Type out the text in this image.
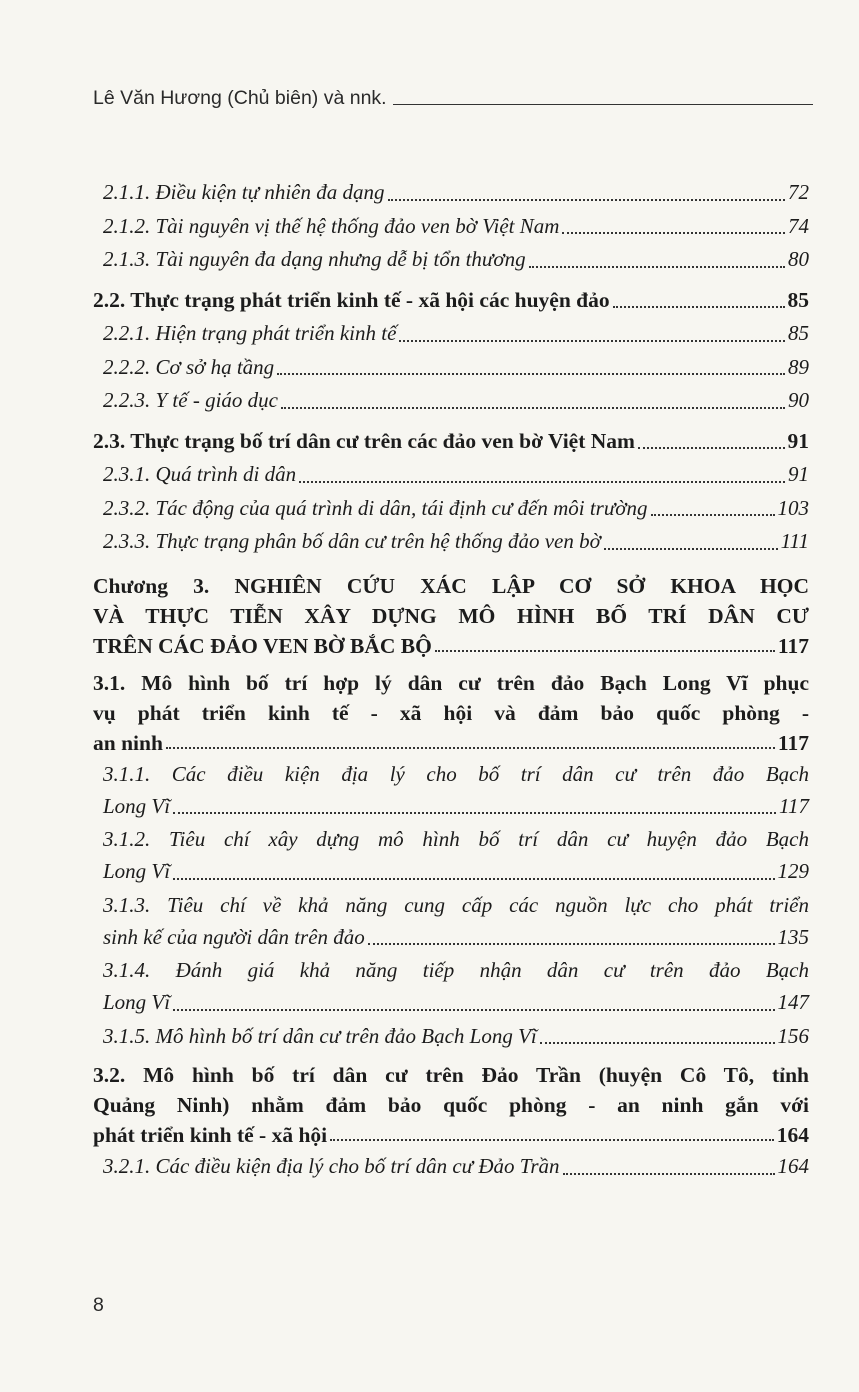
Lê Văn Hương (Chủ biên) và nnk.
2.1.1. Điều kiện tự nhiên đa dạng	72
2.1.2. Tài nguyên vị thế hệ thống đảo ven bờ Việt Nam	74
2.1.3. Tài nguyên đa dạng nhưng dễ bị tổn thương	80
2.2. Thực trạng phát triển kinh tế - xã hội các huyện đảo	85
2.2.1. Hiện trạng phát triển kinh tế	85
2.2.2. Cơ sở hạ tầng	89
2.2.3. Y tế - giáo dục	90
2.3. Thực trạng bố trí dân cư trên các đảo ven bờ Việt Nam	91
2.3.1. Quá trình di dân	91
2.3.2. Tác động của quá trình di dân, tái định cư đến môi trường	103
2.3.3. Thực trạng phân bố dân cư trên hệ thống đảo ven bờ	111
Chương 3. NGHIÊN CỨU XÁC LẬP CƠ SỞ KHOA HỌC
VÀ THỰC TIỄN XÂY DỰNG MÔ HÌNH BỐ TRÍ DÂN CƯ
TRÊN CÁC ĐẢO VEN BỜ BẮC BỘ	117
3.1. Mô hình bố trí hợp lý dân cư trên đảo Bạch Long Vĩ phục
vụ phát triển kinh tế - xã hội và đảm bảo quốc phòng -
an ninh	117
3.1.1. Các điều kiện địa lý cho bố trí dân cư trên đảo Bạch
Long Vĩ	117
3.1.2. Tiêu chí xây dựng mô hình bố trí dân cư huyện đảo Bạch
Long Vĩ	129
3.1.3. Tiêu chí về khả năng cung cấp các nguồn lực cho phát triển
sinh kế của người dân trên đảo	135
3.1.4. Đánh giá khả năng tiếp nhận dân cư trên đảo Bạch
Long Vĩ	147
3.1.5. Mô hình bố trí dân cư trên đảo Bạch Long Vĩ	156
3.2. Mô hình bố trí dân cư trên Đảo Trần (huyện Cô Tô, tỉnh
Quảng Ninh) nhằm đảm bảo quốc phòng - an ninh gắn với
phát triển kinh tế - xã hội	164
3.2.1. Các điều kiện địa lý cho bố trí dân cư Đảo Trần	164
8
